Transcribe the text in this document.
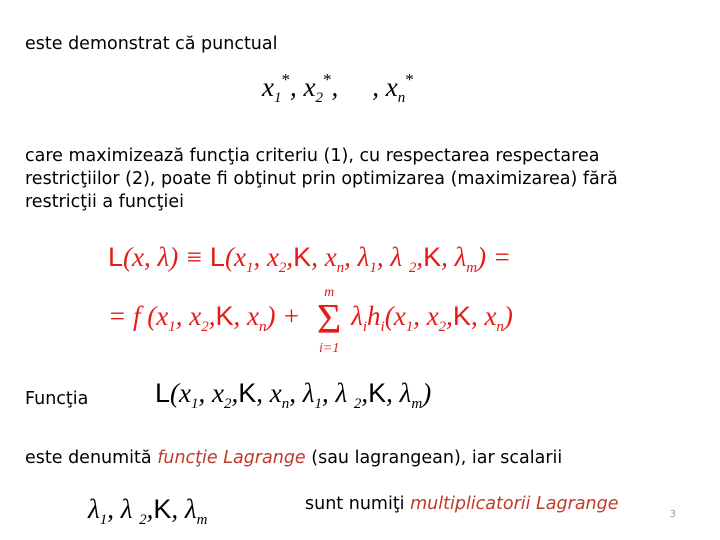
este demonstrat că punctual

$x_1^*$, $x_2^*$, , $x_n^*$

care maximizează funcţia criteriu (1), cu respectarea respectarea restricţiilor (2), poate fi obţinut prin optimizarea (maximizarea) fără restricţii a funcţiei

L(x, $\lambda) \equiv L(x_1$, $x_2,K$, $x_n$, $\lambda_1$, λ $_2$,K, $\lambda_m$) =
= f ($x_1$, $x_2,K$, $x_n$) +
m
Σ
i=1
$\lambda_ih_i(x_1$, $x_2,K$, $x_n$)

Funcţia $L(x_1$, $x_2,K$, $x_n$, $\lambda_1$, λ $_2$,K, $\lambda_m$)

este denumită funcţie Lagrange (sau lagrangean), iar scalarii

$\lambda_1$, λ $_2$,K, $\lambda_m$

sunt numiţi multiplicatorii Lagrange

3
